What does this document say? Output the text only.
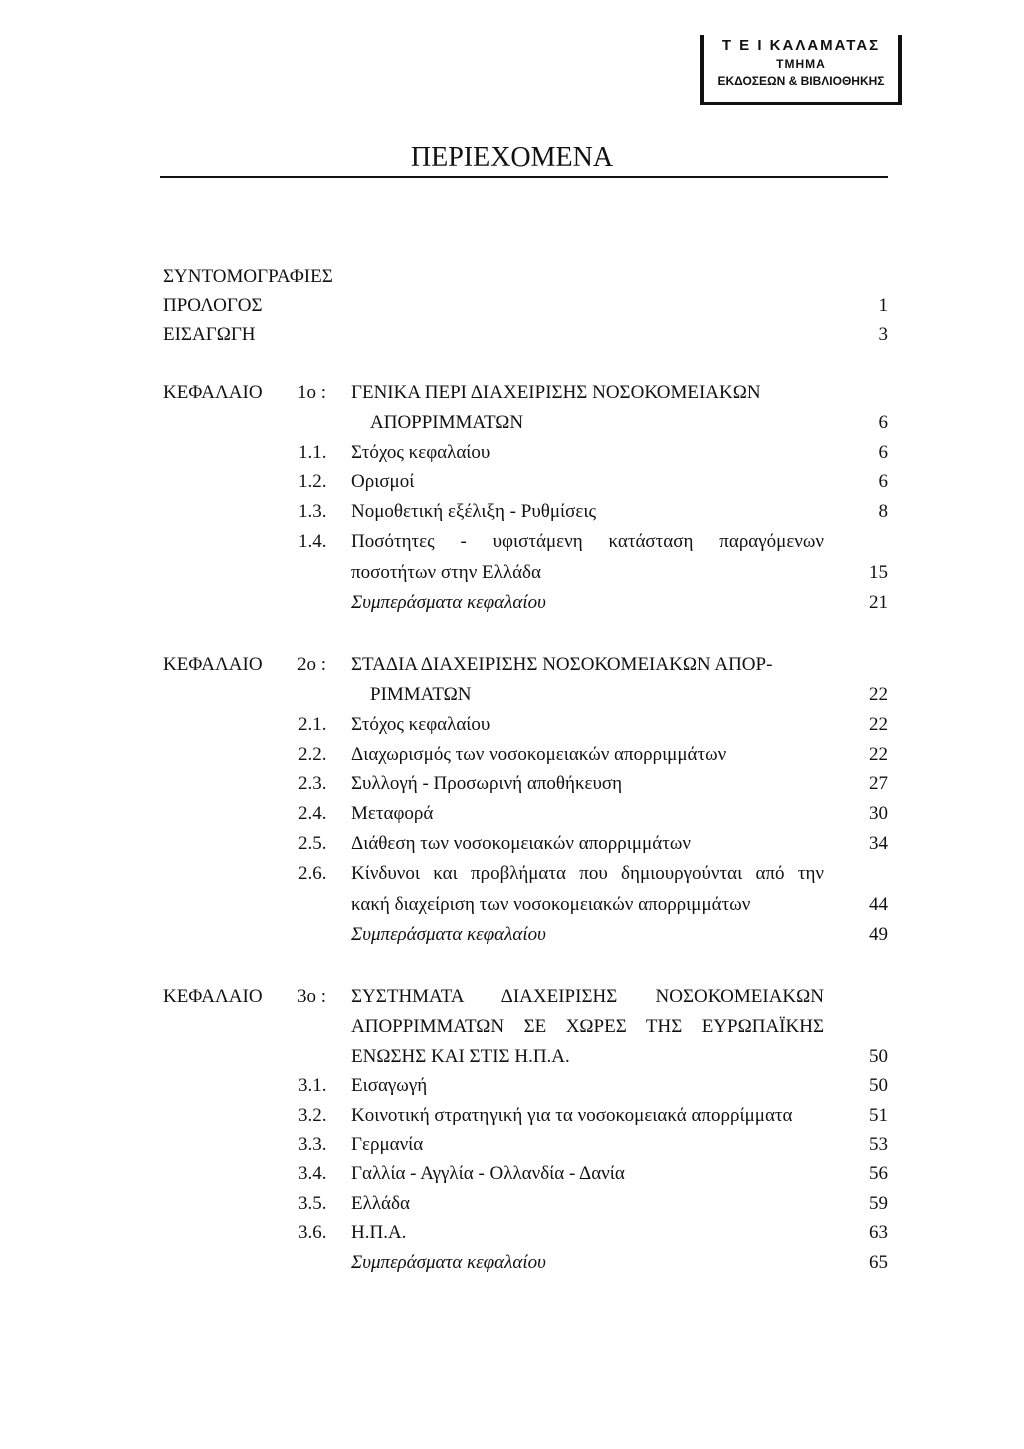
Τ Ε Ι ΚΑΛΑΜΑΤΑΣ
ΤΜΗΜΑ
ΕΚΔΟΣΕΩΝ & ΒΙΒΛΙΟΘΗΚΗΣ
ΠΕΡΙΕΧΟΜΕΝΑ
ΣΥΝΤΟΜΟΓΡΑΦΙΕΣ
ΠΡΟΛΟΓΟΣ	1
ΕΙΣΑΓΩΓΗ	3
ΚΕΦΑΛΑΙΟ 1ο : ΓΕΝΙΚΑ ΠΕΡΙ ΔΙΑΧΕΙΡΙΣΗΣ ΝΟΣΟΚΟΜΕΙΑΚΩΝ
ΑΠΟΡΡΙΜΜΑΤΩΝ	6
1.1. Στόχος κεφαλαίου	6
1.2. Ορισμοί	6
1.3. Νομοθετική εξέλιξη - Ρυθμίσεις	8
1.4. Ποσότητες - υφιστάμενη κατάσταση παραγόμενων
ποσοτήτων στην Ελλάδα	15
Συμπεράσματα κεφαλαίου	21
ΚΕΦΑΛΑΙΟ 2ο : ΣΤΑΔΙΑ ΔΙΑΧΕΙΡΙΣΗΣ ΝΟΣΟΚΟΜΕΙΑΚΩΝ ΑΠΟΡ-
ΡΙΜΜΑΤΩΝ	22
2.1. Στόχος κεφαλαίου	22
2.2. Διαχωρισμός των νοσοκομειακών απορριμμάτων	22
2.3. Συλλογή - Προσωρινή αποθήκευση	27
2.4. Μεταφορά	30
2.5. Διάθεση των νοσοκομειακών απορριμμάτων	34
2.6. Κίνδυνοι και προβλήματα που δημιουργούνται από την
κακή διαχείριση των νοσοκομειακών απορριμμάτων	44
Συμπεράσματα κεφαλαίου	49
ΚΕΦΑΛΑΙΟ 3ο : ΣΥΣΤΗΜΑΤΑ ΔΙΑΧΕΙΡΙΣΗΣ ΝΟΣΟΚΟΜΕΙΑΚΩΝ
ΑΠΟΡΡΙΜΜΑΤΩΝ ΣΕ ΧΩΡΕΣ ΤΗΣ ΕΥΡΩΠΑΪΚΗΣ
ΕΝΩΣΗΣ ΚΑΙ ΣΤΙΣ Η.Π.Α.	50
3.1. Εισαγωγή	50
3.2. Κοινοτική στρατηγική για τα νοσοκομειακά απορρίμματα	51
3.3. Γερμανία	53
3.4. Γαλλία - Αγγλία - Ολλανδία - Δανία	56
3.5. Ελλάδα	59
3.6. Η.Π.Α.	63
Συμπεράσματα κεφαλαίου	65
